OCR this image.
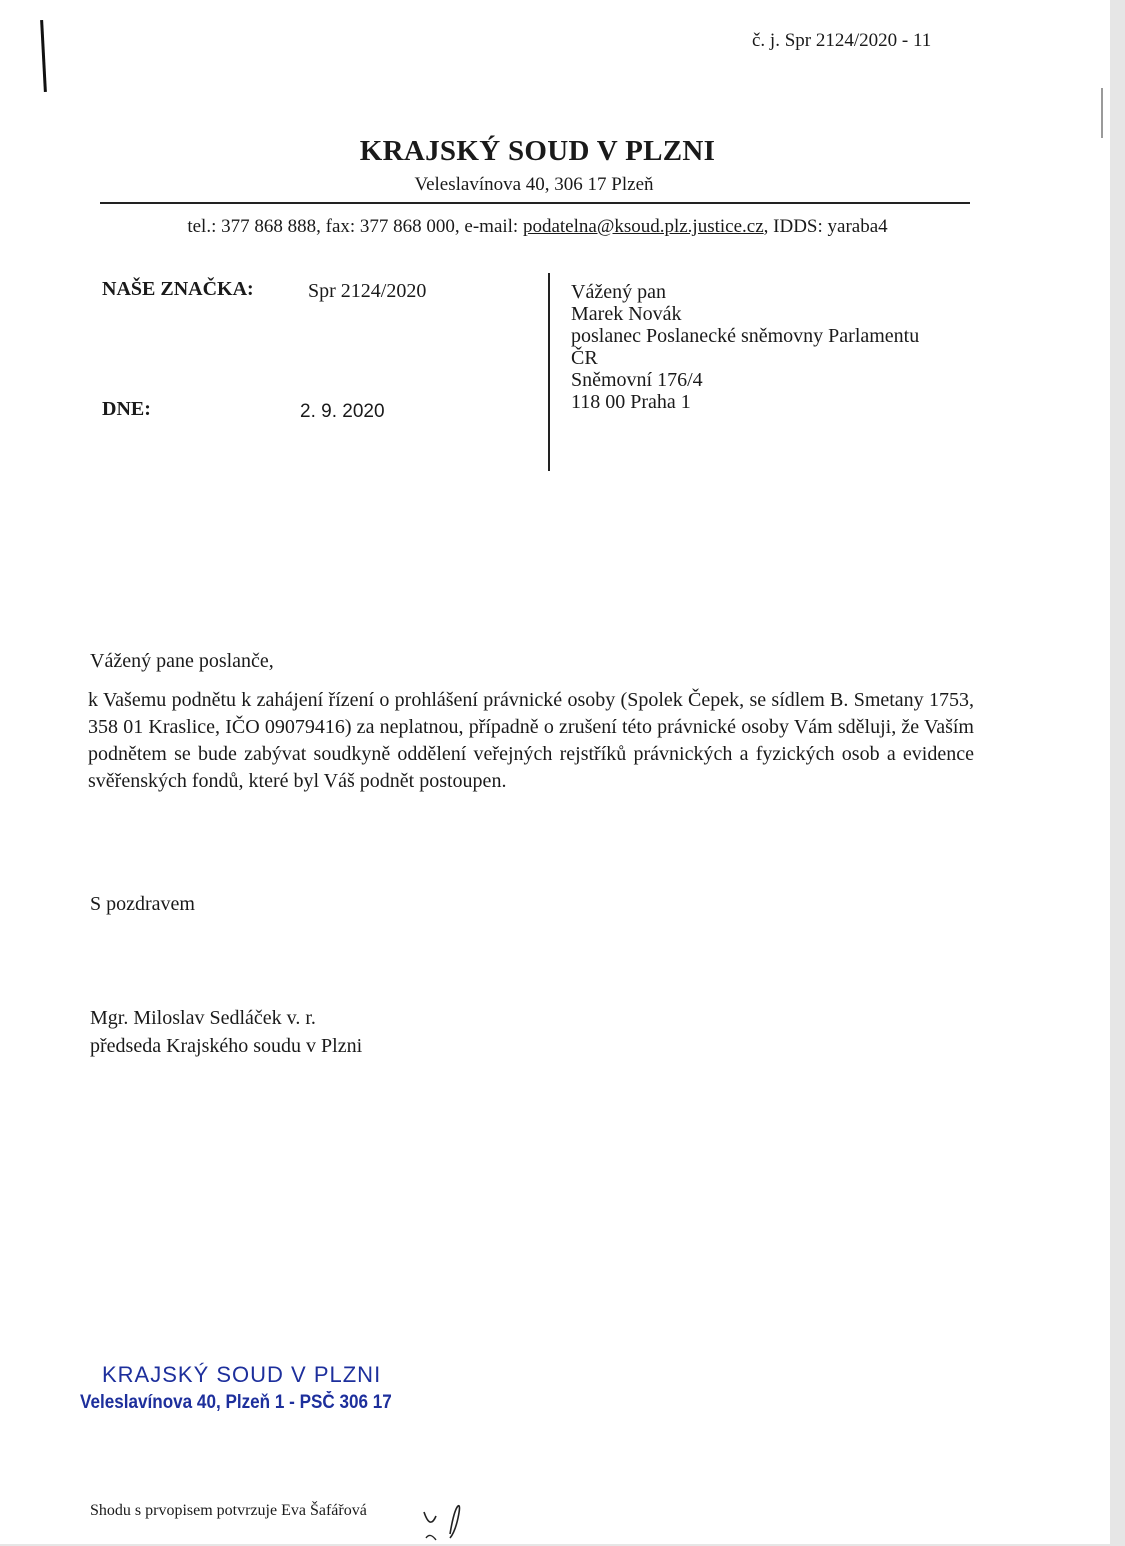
č. j. Spr 2124/2020 - 11
KRAJSKÝ SOUD V PLZNI
Veleslavínova 40, 306 17 Plzeň
tel.: 377 868 888, fax: 377 868 000, e-mail: podatelna@ksoud.plz.justice.cz, IDDS: yaraba4
NAŠE ZNAČKA:	Spr 2124/2020
DNE:	2. 9. 2020
Vážený pan
Marek Novák
poslanec Poslanecké sněmovny Parlamentu
ČR
Sněmovní 176/4
118 00 Praha 1
Vážený pane poslanče,
k Vašemu podnětu k zahájení řízení o prohlášení právnické osoby (Spolek Čepek, se sídlem B. Smetany 1753, 358 01 Kraslice, IČO 09079416) za neplatnou, případně o zrušení této právnické osoby Vám sděluji, že Vaším podnětem se bude zabývat soudkyně oddělení veřejných rejstříků právnických a fyzických osob a evidence svěřenských fondů, které byl Váš podnět postoupen.
S pozdravem
Mgr. Miloslav Sedláček v. r.
předseda Krajského soudu v Plzni
KRAJSKÝ SOUD V PLZNI
Veleslavínova 40, Plzeň 1 - PSČ 306 17
Shodu s prvopisem potvrzuje Eva Šafářová
